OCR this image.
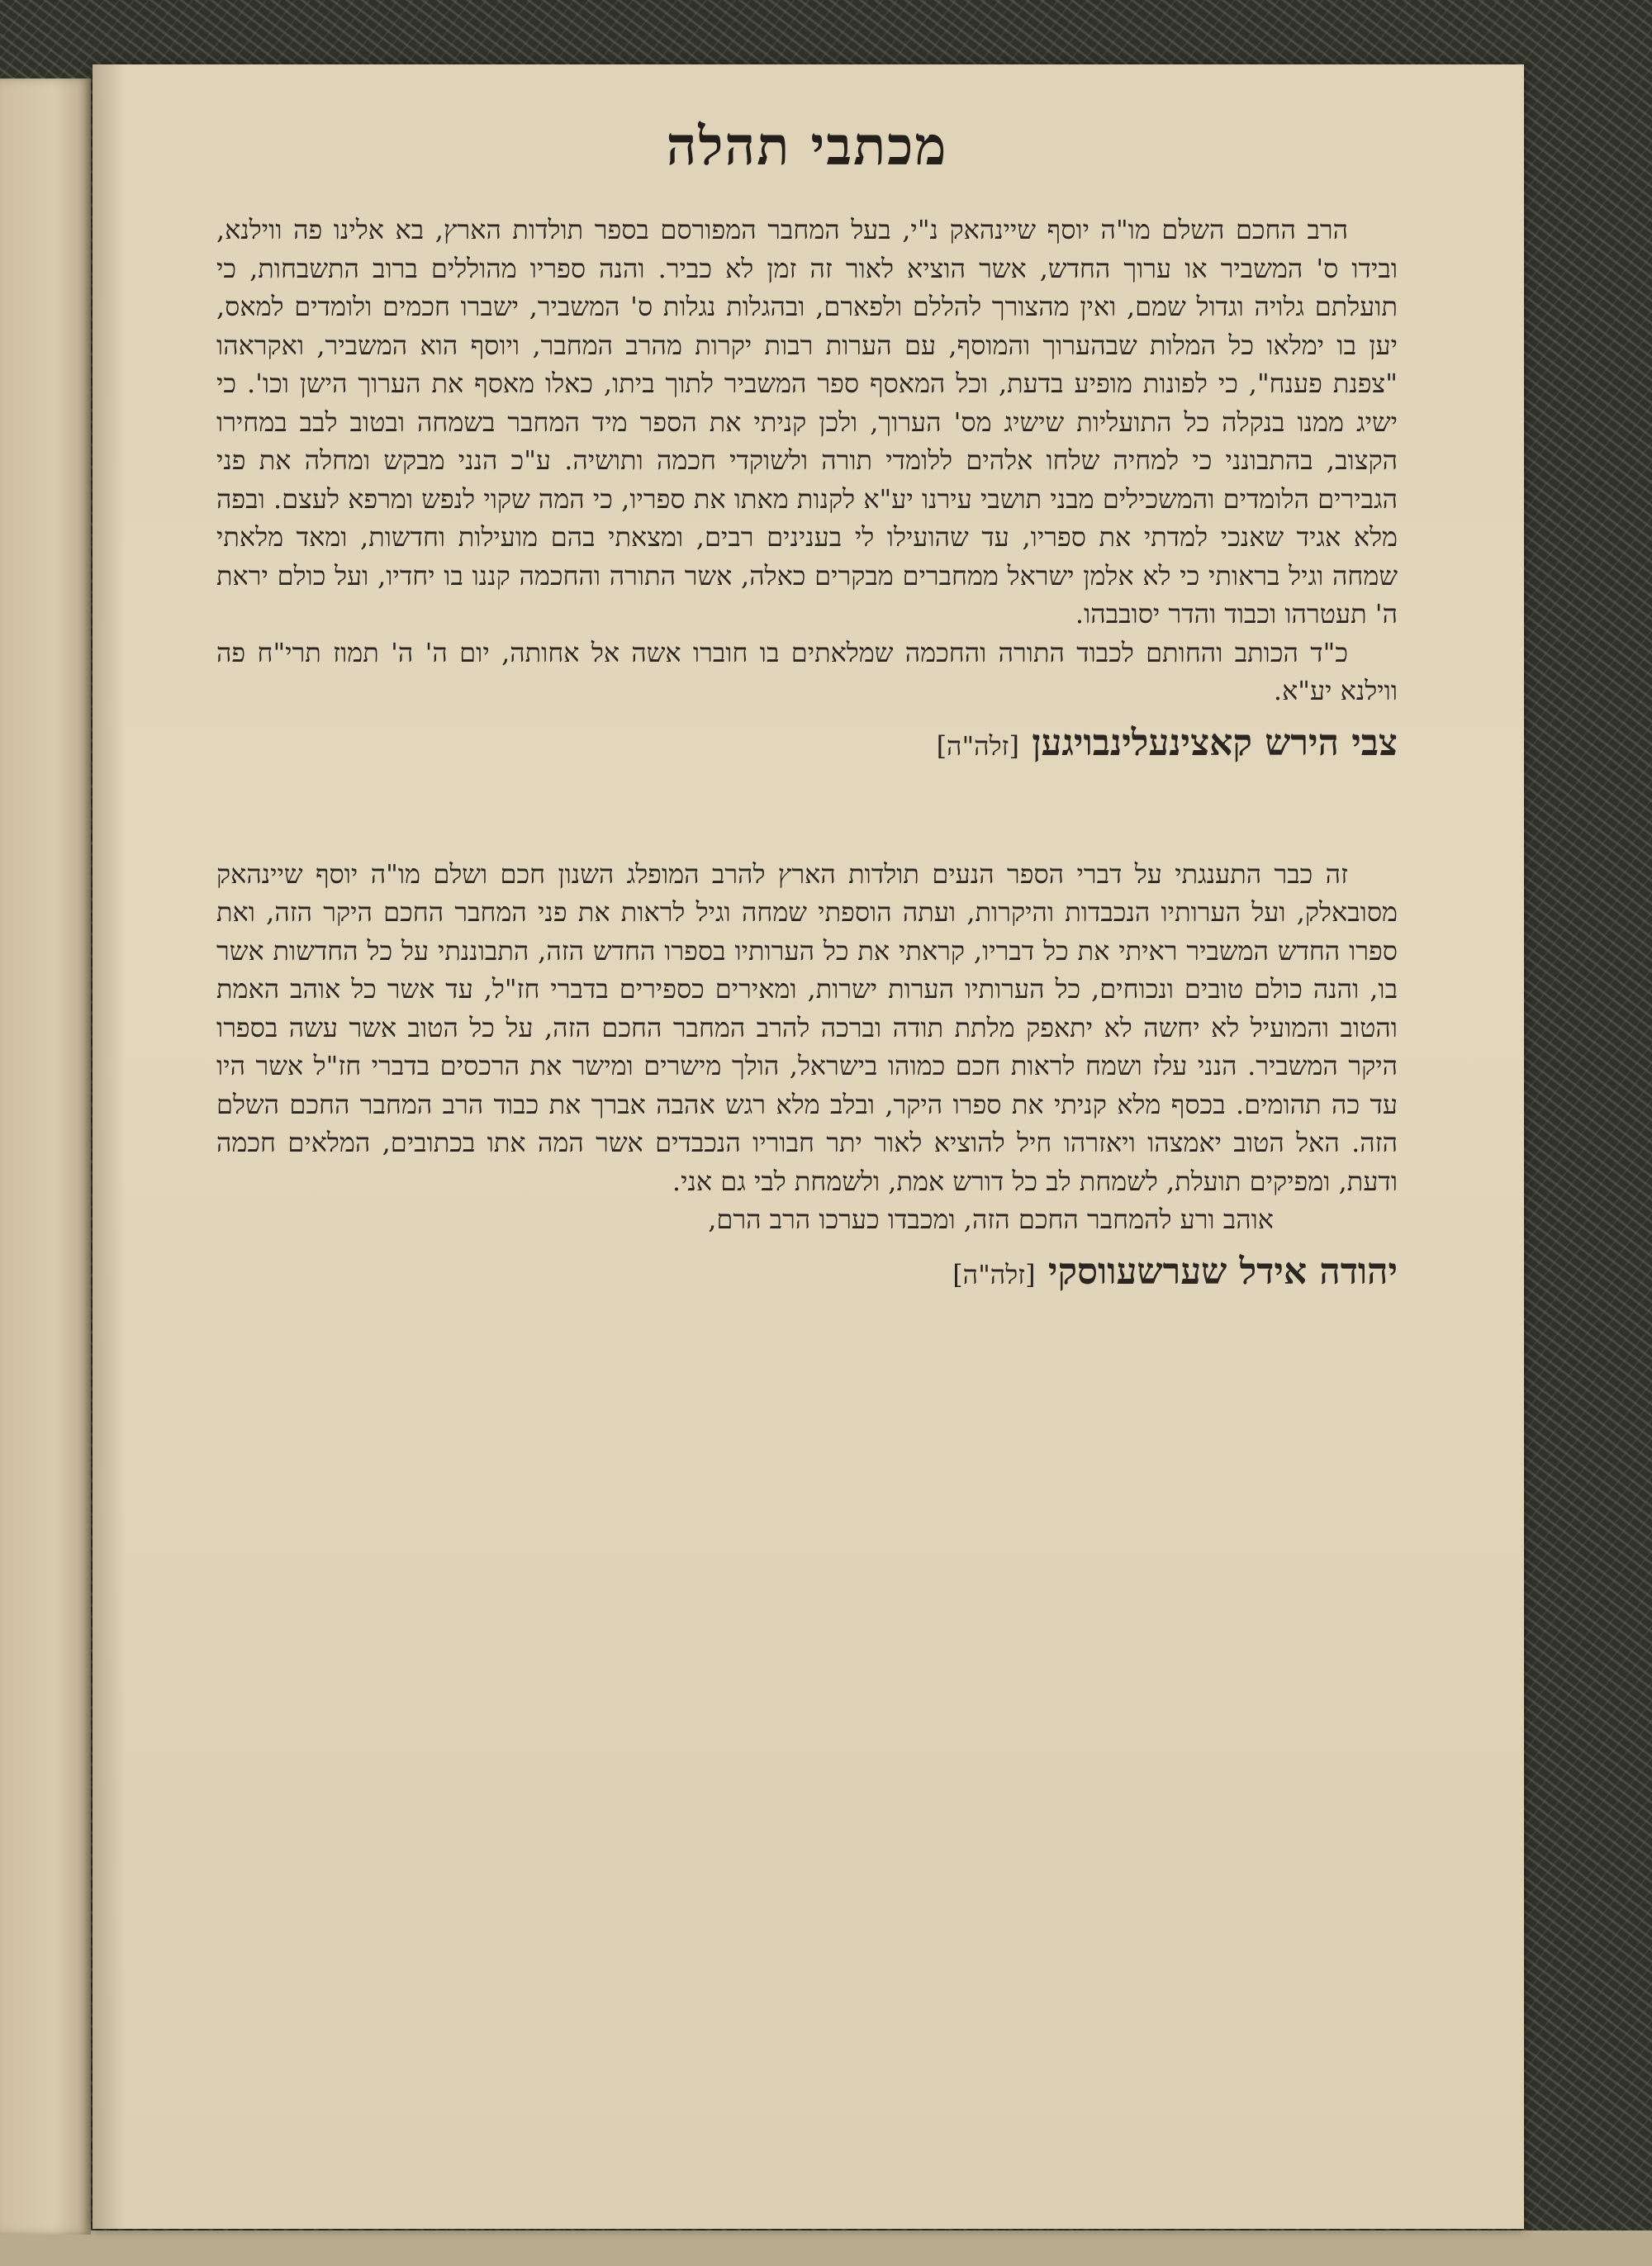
מכתבי תהלה

הרב החכם השלם מו"ה יוסף שיינהאק נ"י, בעל המחבר המפורסם בספר תולדות הארץ, בא אלינו פה ווילנא, ובידו ס' המשביר או ערוך החדש, אשר הוציא לאור זה זמן לא כביר. והנה ספריו מהוללים ברוב התשבחות, כי תועלתם גלויה וגדול שמם, ואין מהצורך להללם ולפארם, ובהגלות נגלות ס' המשביר, ישברו חכמים ולומדים למאס, יען בו ימלאו כל המלות שבהערוך והמוסף, עם הערות רבות יקרות מהרב המחבר, ויוסף הוא המשביר, ואקראהו "צפנת פענח", כי לפונות מופיע בדעת, וכל המאסף ספר המשביר לתוך ביתו, כאלו מאסף את הערוך הישן וכו'. כי ישיג ממנו בנקלה כל התועליות שישיג מס' הערוך, ולכן קניתי את הספר מיד המחבר בשמחה ובטוב לבב במחירו הקצוב, בהתבונני כי למחיה שלחו אלהים ללומדי תורה ולשוקדי חכמה ותושיה. ע"כ הנני מבקש ומחלה את פני הגבירים הלומדים והמשכילים מבני תושבי עירנו יע"א לקנות מאתו את ספריו, כי המה שקוי לנפש ומרפא לעצם. ובפה מלא אגיד שאנכי למדתי את ספריו, עד שהועילו לי בענינים רבים, ומצאתי בהם מועילות וחדשות, ומאד מלאתי שמחה וגיל בראותי כי לא אלמן ישראל ממחברים מבקרים כאלה, אשר התורה והחכמה קננו בו יחדיו, ועל כולם יראת ה' תעטרהו וכבוד והדר יסובבהו.

כ"ד הכותב והחותם לכבוד התורה והחכמה שמלאתים בו חוברו אשה אל אחותה, יום ה' ה' תמוז תרי"ח פה ווילנא יע"א.

צבי הירש קאצינעלינבויגען [זלה"ה]

זה כבר התענגתי על דברי הספר הנעים תולדות הארץ להרב המופלג השנון חכם ושלם מו"ה יוסף שיינהאק מסובאלק, ועל הערותיו הנכבדות והיקרות, ועתה הוספתי שמחה וגיל לראות את פני המחבר החכם היקר הזה, ואת ספרו החדש המשביר ראיתי את כל דבריו, קראתי את כל הערותיו בספרו החדש הזה, התבוננתי על כל החדשות אשר בו, והנה כולם טובים ונכוחים, כל הערותיו הערות ישרות, ומאירים כספירים בדברי חז"ל, עד אשר כל אוהב האמת והטוב והמועיל לא יחשה לא יתאפק מלתת תודה וברכה להרב המחבר החכם הזה, על כל הטוב אשר עשה בספרו היקר המשביר. הנני עלז ושמח לראות חכם כמוהו בישראל, הולך מישרים ומישר את הרכסים בדברי חז"ל אשר היו עד כה תהומים. בכסף מלא קניתי את ספרו היקר, ובלב מלא רגש אהבה אברך את כבוד הרב המחבר החכם השלם הזה. האל הטוב יאמצהו ויאזרהו חיל להוציא לאור יתר חבוריו הנכבדים אשר המה אתו בכתובים, המלאים חכמה ודעת, ומפיקים תועלת, לשמחת לב כל דורש אמת, ולשמחת לבי גם אני.

אוהב ורע להמחבר החכם הזה, ומכבדו כערכו הרב הרם,

יהודה אידל שערשעווסקי [זלה"ה]
